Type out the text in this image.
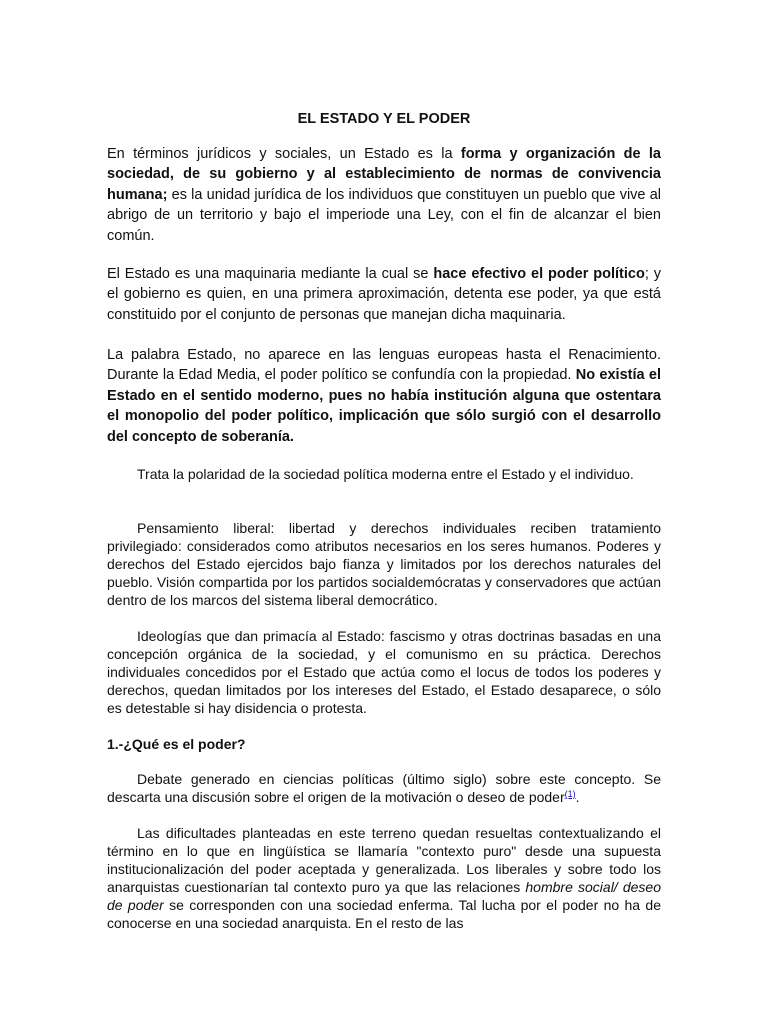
EL ESTADO Y EL PODER

En términos jurídicos y sociales, un Estado es la forma y organización de la sociedad, de su gobierno y al establecimiento de normas de convivencia humana; es la unidad jurídica de los individuos que constituyen un pueblo que vive al abrigo de un territorio y bajo el imperiode una Ley, con el fin de alcanzar el bien común.

El Estado es una maquinaria mediante la cual se hace efectivo el poder político; y el gobierno es quien, en una primera aproximación, detenta ese poder, ya que está constituido por el conjunto de personas que manejan dicha maquinaria.

La palabra Estado, no aparece en las lenguas europeas hasta el Renacimiento. Durante la Edad Media, el poder político se confundía con la propiedad. No existía el Estado en el sentido moderno, pues no había institución alguna que ostentara el monopolio del poder político, implicación que sólo surgió con el desarrollo del concepto de soberanía.

Trata la polaridad de la sociedad política moderna entre el Estado y el individuo.

Pensamiento liberal: libertad y derechos individuales reciben tratamiento privilegiado: considerados como atributos necesarios en los seres humanos. Poderes y derechos del Estado ejercidos bajo fianza y limitados por los derechos naturales del pueblo. Visión compartida por los partidos socialdemócratas y conservadores que actúan dentro de los marcos del sistema liberal democrático.

Ideologías que dan primacía al Estado: fascismo y otras doctrinas basadas en una concepción orgánica de la sociedad, y el comunismo en su práctica. Derechos individuales concedidos por el Estado que actúa como el locus de todos los poderes y derechos, quedan limitados por los intereses del Estado, el Estado desaparece, o sólo es detestable si hay disidencia o protesta.

1.-¿Qué es el poder?

Debate generado en ciencias políticas (último siglo) sobre este concepto. Se descarta una discusión sobre el origen de la motivación o deseo de poder$^{(1)}$.

Las dificultades planteadas en este terreno quedan resueltas contextualizando el término en lo que en lingüística se llamaría "contexto puro" desde una supuesta institucionalización del poder aceptada y generalizada. Los liberales y sobre todo los anarquistas cuestionarían tal contexto puro ya que las relaciones hombre social/ deseo de poder se corresponden con una sociedad enferma. Tal lucha por el poder no ha de conocerse en una sociedad anarquista. En el resto de las
